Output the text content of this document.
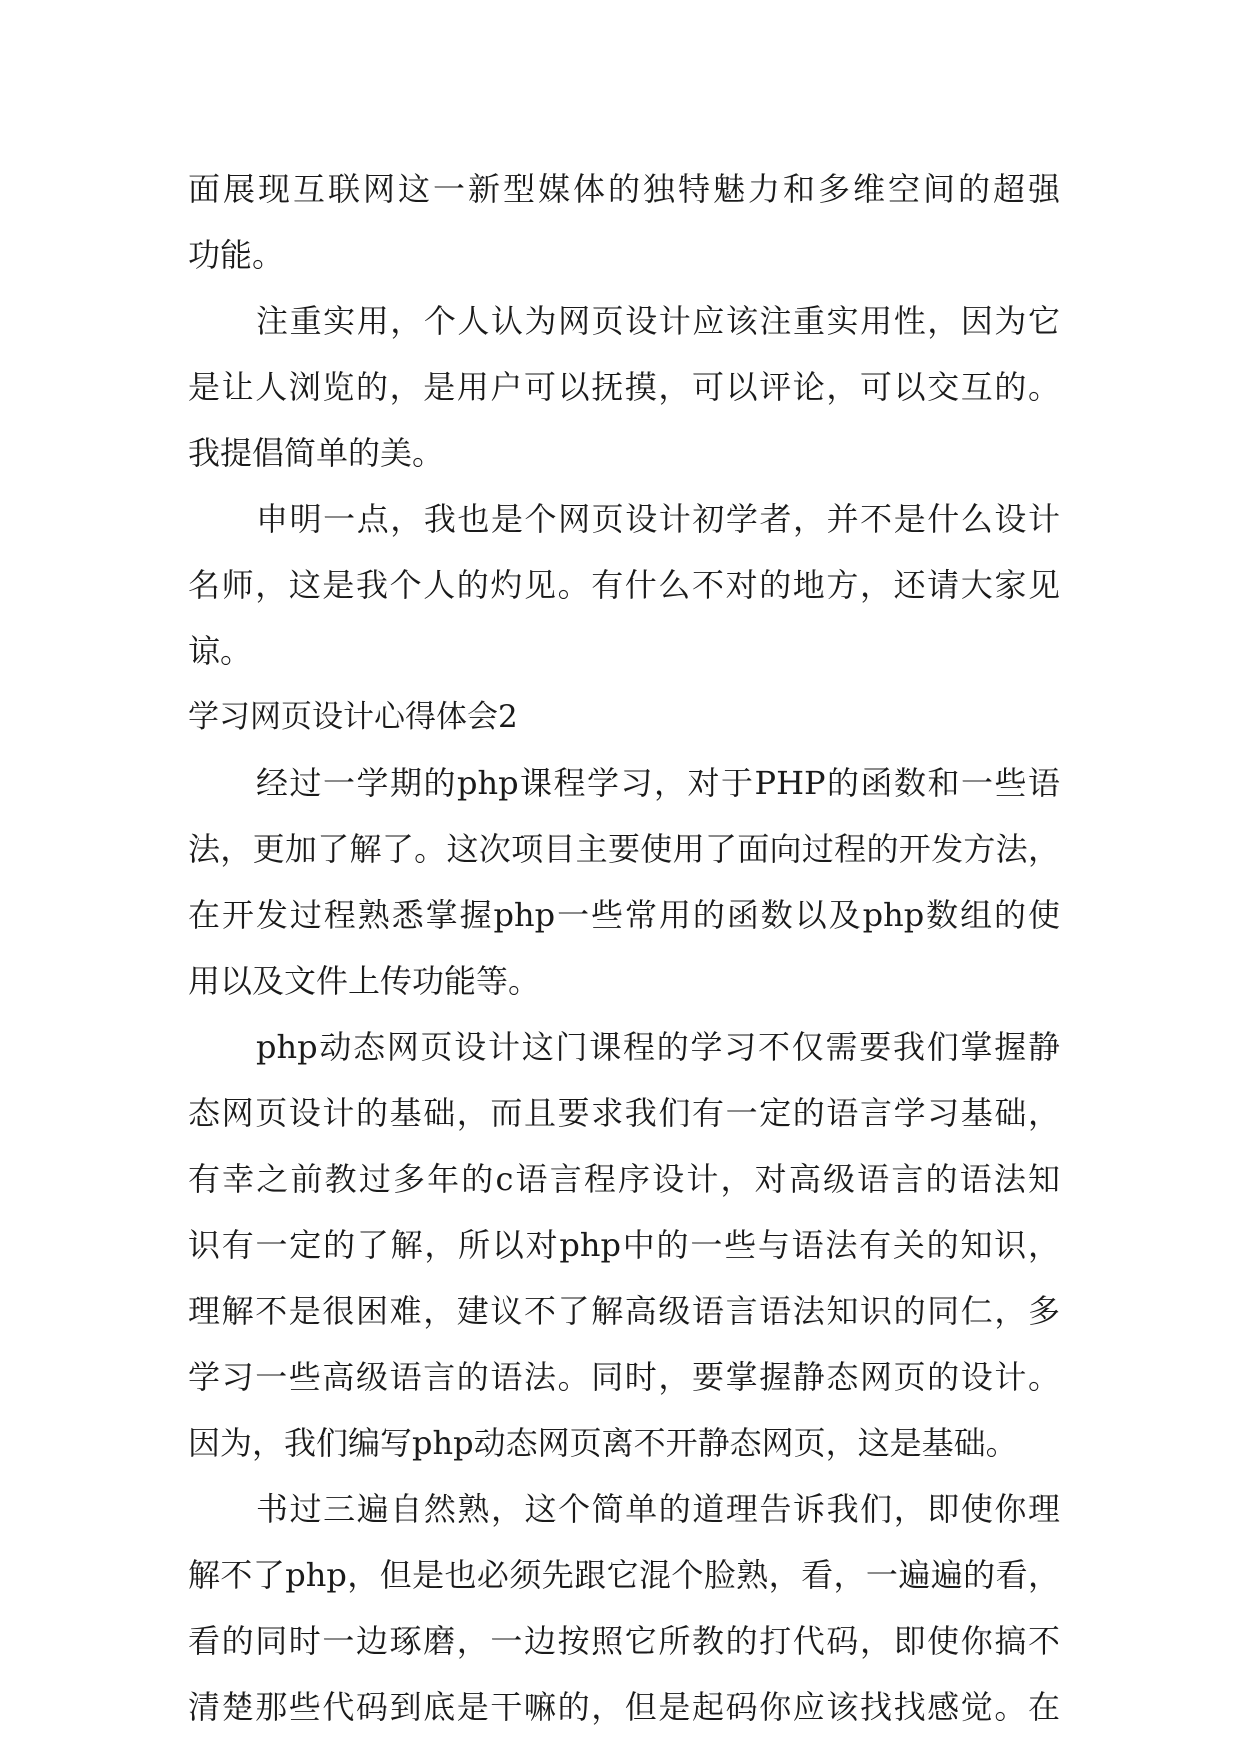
面展现互联网这一新型媒体的独特魅力和多维空间的超强
功能。
注重实用，个人认为网页设计应该注重实用性，因为它
是让人浏览的，是用户可以抚摸，可以评论，可以交互的。
我提倡简单的美。
申明一点，我也是个网页设计初学者，并不是什么设计
名师，这是我个人的灼见。有什么不对的地方，还请大家见
谅。
学习网页设计心得体会2
经过一学期的php课程学习，对于PHP的函数和一些语
法，更加了解了。这次项目主要使用了面向过程的开发方法，
在开发过程熟悉掌握php一些常用的函数以及php数组的使
用以及文件上传功能等。
php动态网页设计这门课程的学习不仅需要我们掌握静
态网页设计的基础，而且要求我们有一定的语言学习基础，
有幸之前教过多年的c语言程序设计，对高级语言的语法知
识有一定的了解，所以对php中的一些与语法有关的知识，
理解不是很困难，建议不了解高级语言语法知识的同仁，多
学习一些高级语言的语法。同时，要掌握静态网页的设计。
因为，我们编写php动态网页离不开静态网页，这是基础。
书过三遍自然熟，这个简单的道理告诉我们，即使你理
解不了php，但是也必须先跟它混个脸熟，看，一遍遍的看，
看的同时一边琢磨，一边按照它所教的打代码，即使你搞不
清楚那些代码到底是干嘛的，但是起码你应该找找感觉。在
